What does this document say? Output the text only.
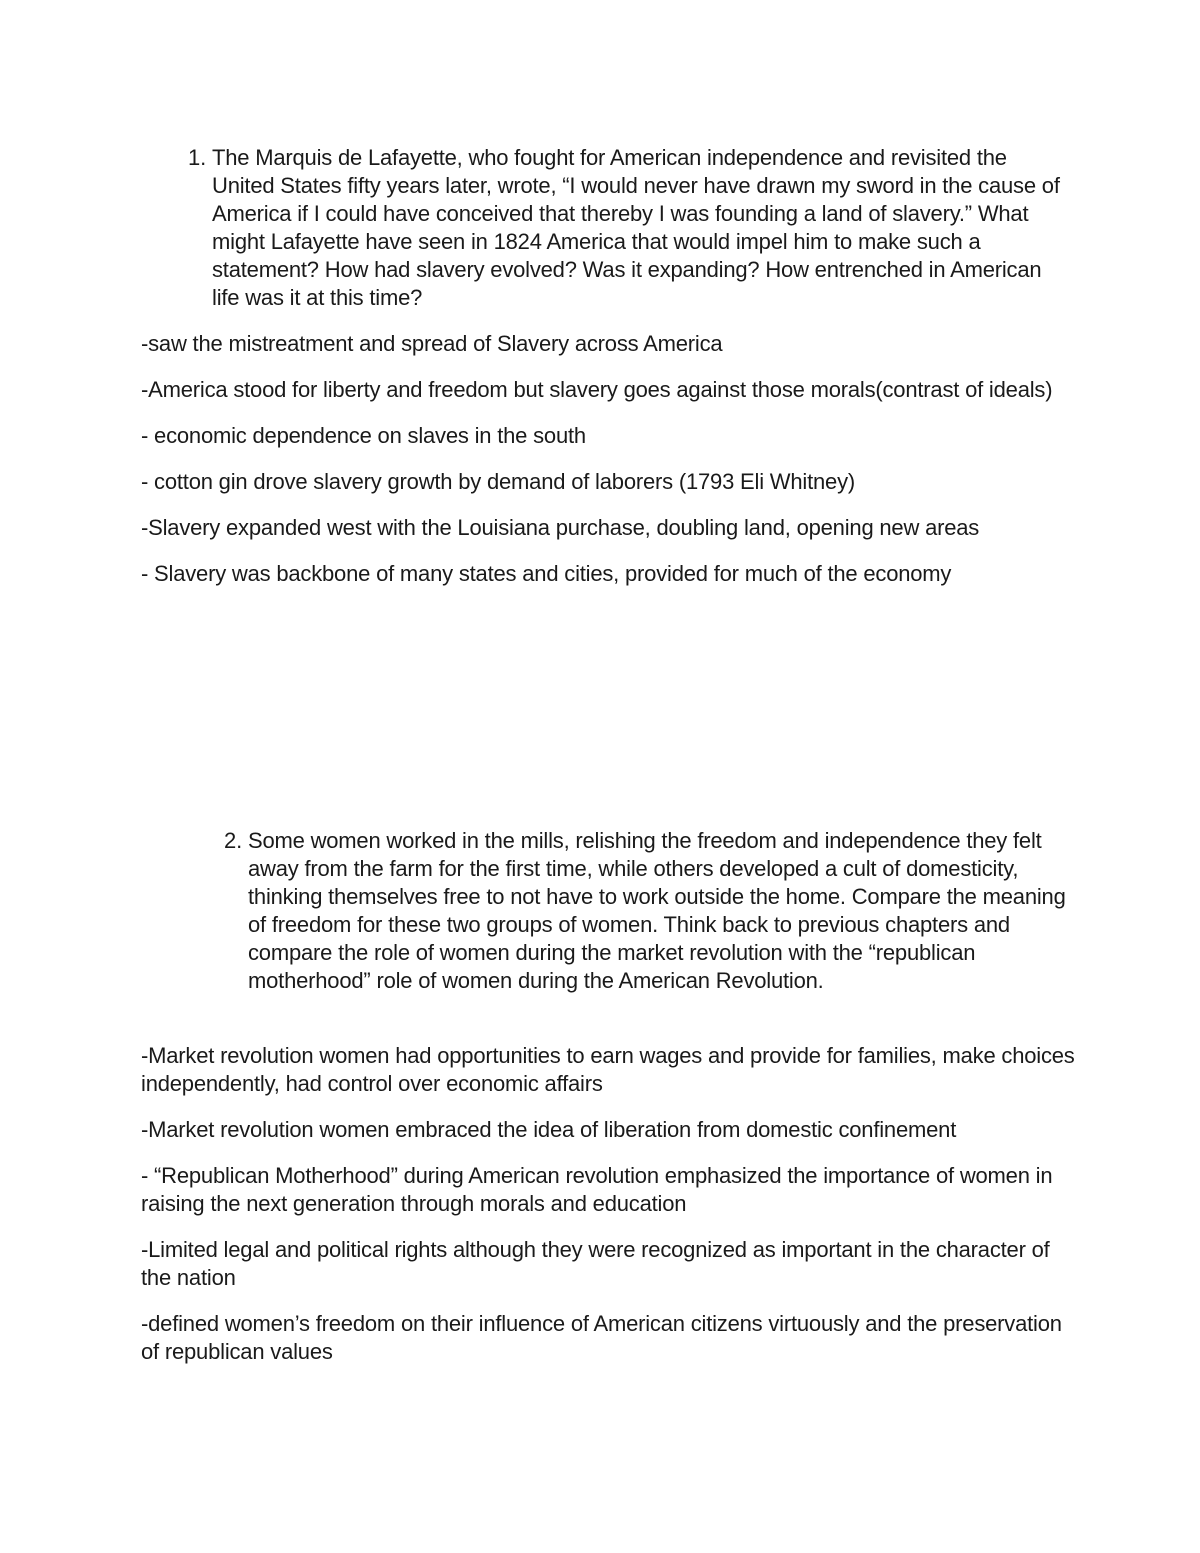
1. The Marquis de Lafayette, who fought for American independence and revisited the United States fifty years later, wrote, “I would never have drawn my sword in the cause of America if I could have conceived that thereby I was founding a land of slavery.” What might Lafayette have seen in 1824 America that would impel him to make such a statement? How had slavery evolved? Was it expanding? How entrenched in American life was it at this time?

-saw the mistreatment and spread of Slavery across America

-America stood for liberty and freedom but slavery goes against those morals(contrast of ideals)

- economic dependence on slaves in the south

- cotton gin drove slavery growth by demand of laborers (1793 Eli Whitney)

-Slavery expanded west with the Louisiana purchase, doubling land, opening new areas

- Slavery was backbone of many states and cities, provided for much of the economy

2. Some women worked in the mills, relishing the freedom and independence they felt away from the farm for the first time, while others developed a cult of domesticity, thinking themselves free to not have to work outside the home. Compare the meaning of freedom for these two groups of women. Think back to previous chapters and compare the role of women during the market revolution with the “republican motherhood” role of women during the American Revolution.

-Market revolution women had opportunities to earn wages and provide for families, make choices independently, had control over economic affairs

-Market revolution women embraced the idea of liberation from domestic confinement

- “Republican Motherhood” during American revolution emphasized the importance of women in raising the next generation through morals and education

-Limited legal and political rights although they were recognized as important in the character of the nation

-defined women’s freedom on their influence of American citizens virtuously and the preservation of republican values
